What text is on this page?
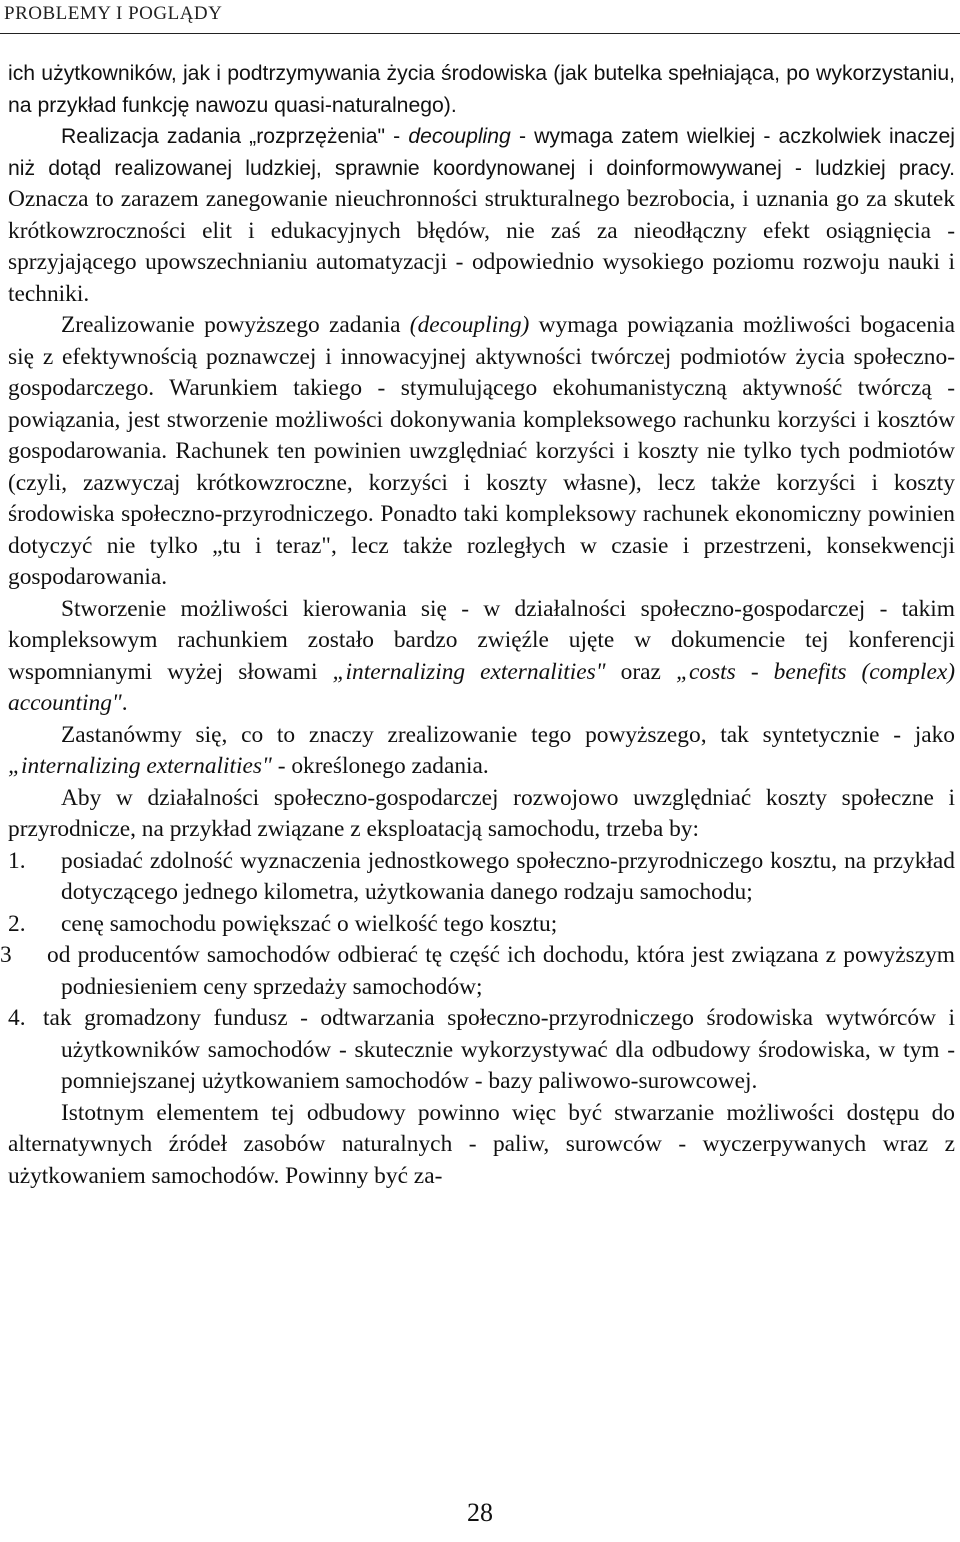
PROBLEMY I POGLĄDY

ich użytkowników, jak i podtrzymywania życia środowiska (jak butelka spełniająca, po wykorzystaniu, na przykład funkcję nawozu quasi-naturalnego).

Realizacja zadania „rozprzężenia" - decoupling - wymaga zatem wielkiej - aczkolwiek inaczej niż dotąd realizowanej ludzkiej, sprawnie koordynowanej i doinformowywanej - ludzkiej pracy. Oznacza to zarazem zanegowanie nieuchronności strukturalnego bezrobocia, i uznania go za skutek krótkowzroczności elit i edukacyjnych błędów, nie zaś za nieodłączny efekt osiągnięcia - sprzyjającego upowszechnianiu automatyzacji - odpowiednio wysokiego poziomu rozwoju nauki i techniki.

Zrealizowanie powyższego zadania (decoupling) wymaga powiązania możliwości bogacenia się z efektywnością poznawczej i innowacyjnej aktywności twórczej podmiotów życia społeczno-gospodarczego. Warunkiem takiego - stymulującego ekohumanistyczną aktywność twórczą - powiązania, jest stworzenie możliwości dokonywania kompleksowego rachunku korzyści i kosztów gospodarowania. Rachunek ten powinien uwzględniać korzyści i koszty nie tylko tych podmiotów (czyli, zazwyczaj krótkowzroczne, korzyści i koszty własne), lecz także korzyści i koszty środowiska społeczno-przyrodniczego. Ponadto taki kompleksowy rachunek ekonomiczny powinien dotyczyć nie tylko „tu i teraz", lecz także rozległych w czasie i przestrzeni, konsekwencji gospodarowania.

Stworzenie możliwości kierowania się - w działalności społeczno-gospodarczej - takim kompleksowym rachunkiem zostało bardzo zwięźle ujęte w dokumencie tej konferencji wspomnianymi wyżej słowami „internalizing externalities" oraz „costs - benefits (complex) accounting".

Zastanówmy się, co to znaczy zrealizowanie tego powyższego, tak syntetycznie - jako „internalizing externalities" - określonego zadania.

Aby w działalności społeczno-gospodarczej rozwojowo uwzględniać koszty społeczne i przyrodnicze, na przykład związane z eksploatacją samochodu, trzeba by:

1. posiadać zdolność wyznaczenia jednostkowego społeczno-przyrodniczego kosztu, na przykład dotyczącego jednego kilometra, użytkowania danego rodzaju samochodu;
2. cenę samochodu powiększać o wielkość tego kosztu;
3 od producentów samochodów odbierać tę część ich dochodu, która jest związana z powyższym podniesieniem ceny sprzedaży samochodów;
4. tak gromadzony fundusz - odtwarzania społeczno-przyrodniczego środowiska wytwórców i użytkowników samochodów - skutecznie wykorzystywać dla odbudowy środowiska, w tym - pomniejszanej użytkowaniem samochodów - bazy paliwowo-surowcowej.

Istotnym elementem tej odbudowy powinno więc być stwarzanie możliwości dostępu do alternatywnych źródeł zasobów naturalnych - paliw, surowców - wyczerpywanych wraz z użytkowaniem samochodów. Powinny być za-

28
